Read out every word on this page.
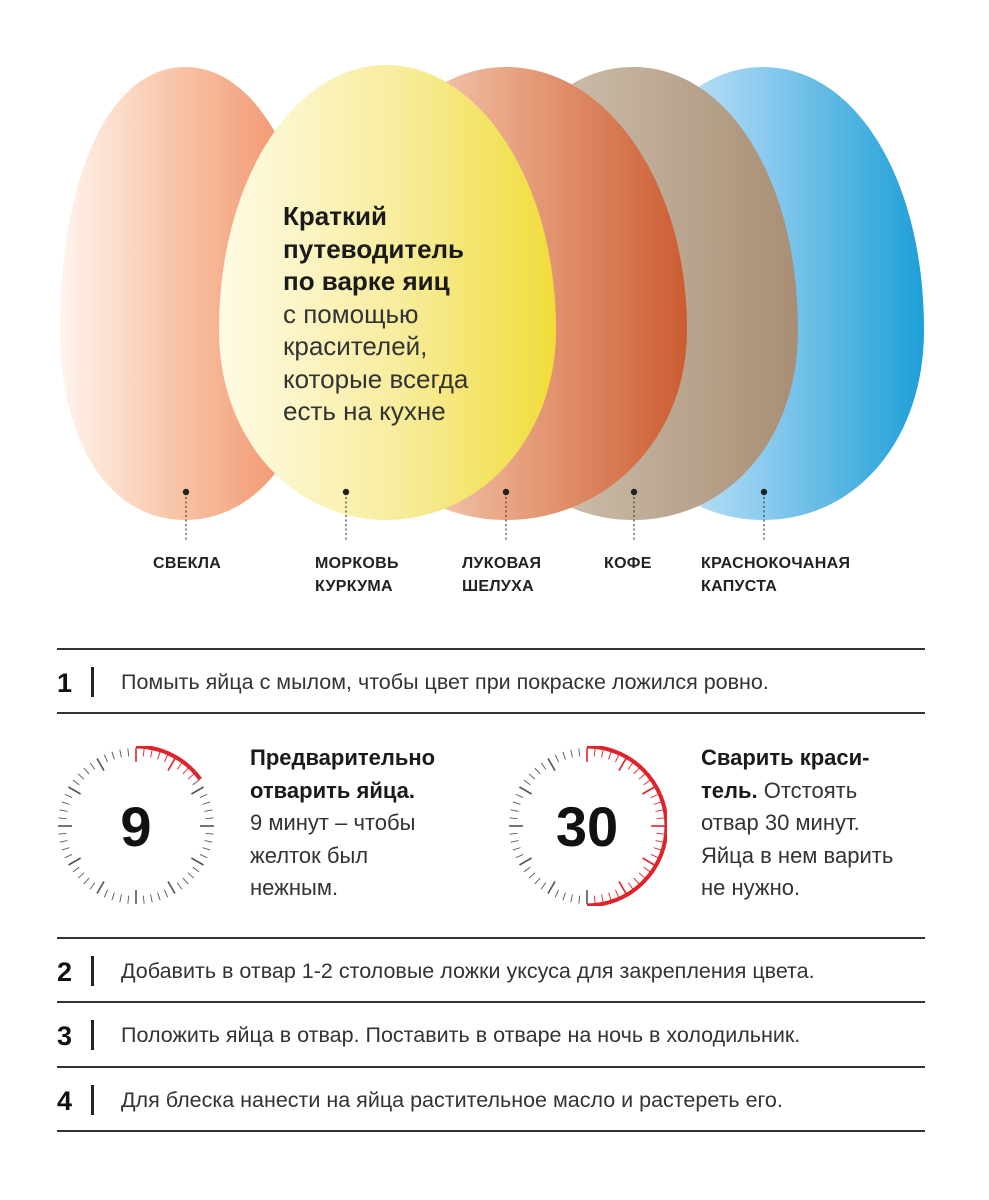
Краткий
путеводитель
по варке яиц
с помощью
красителей,
которые всегда
есть на кухне
СВЕКЛА	МОРКОВЬ
КУРКУМА
ЛУКОВАЯ
ШЕЛУХА
КОФЕ	КРАСНОКОЧАНАЯ
КАПУСТА
1 Помыть яйца с мылом, чтобы цвет при покраске ложился ровно.
9
Предварительно
отварить яйца.
9 минут – чтобы
желток был
нежным.
30
Сварить краси-
тель. Отстоять
отвар 30 минут.
Яйца в нем варить
не нужно.
2 Добавить в отвар 1-2 столовые ложки уксуса для закрепления цвета.
3 Положить яйца в отвар. Поставить в отваре на ночь в холодильник.
4 Для блеска нанести на яйца растительное масло и растереть его.
